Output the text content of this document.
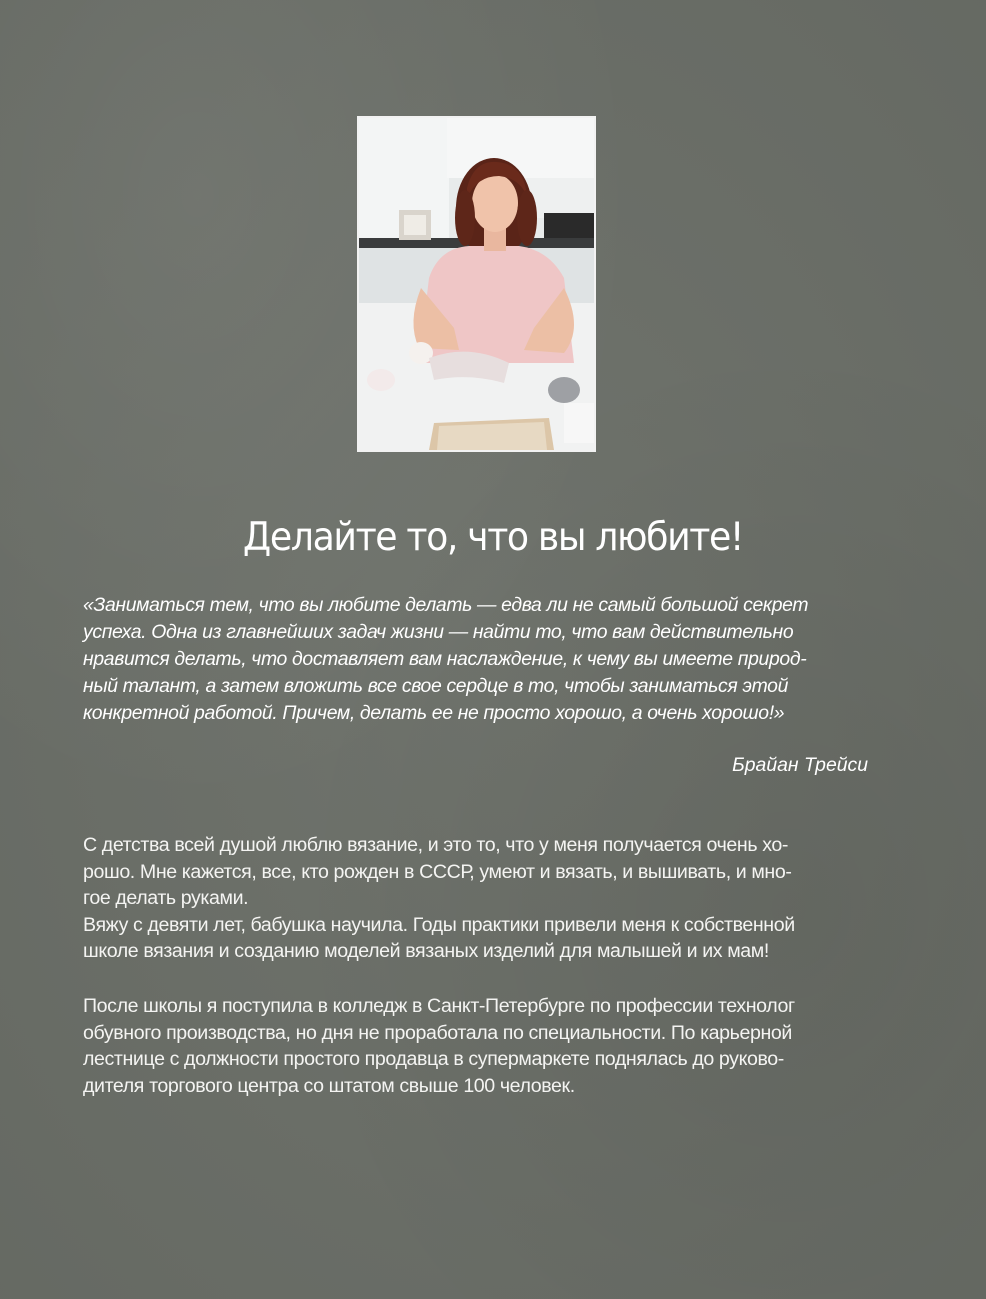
Делайте то, что вы любите!

«Заниматься тем, что вы любите делать — едва ли не самый большой секрет
успеха. Одна из главнейших задач жизни — найти то, что вам действительно
нравится делать, что доставляет вам наслаждение, к чему вы имеете природ-
ный талант, а затем вложить все свое сердце в то, чтобы заниматься этой
конкретной работой. Причем, делать ее не просто хорошо, а очень хорошо!»

Брайан Трейси

С детства всей душой люблю вязание, и это то, что у меня получается очень хо-
рошо. Мне кажется, все, кто рожден в СССР, умеют и вязать, и вышивать, и мно-
гое делать руками.
Вяжу с девяти лет, бабушка научила. Годы практики привели меня к собственной
школе вязания и созданию моделей вязаных изделий для малышей и их мам!

После школы я поступила в колледж в Санкт-Петербурге по профессии технолог
обувного производства, но дня не проработала по специальности. По карьерной
лестнице с должности простого продавца в супермаркете поднялась до руково-
дителя торгового центра со штатом свыше 100 человек.
